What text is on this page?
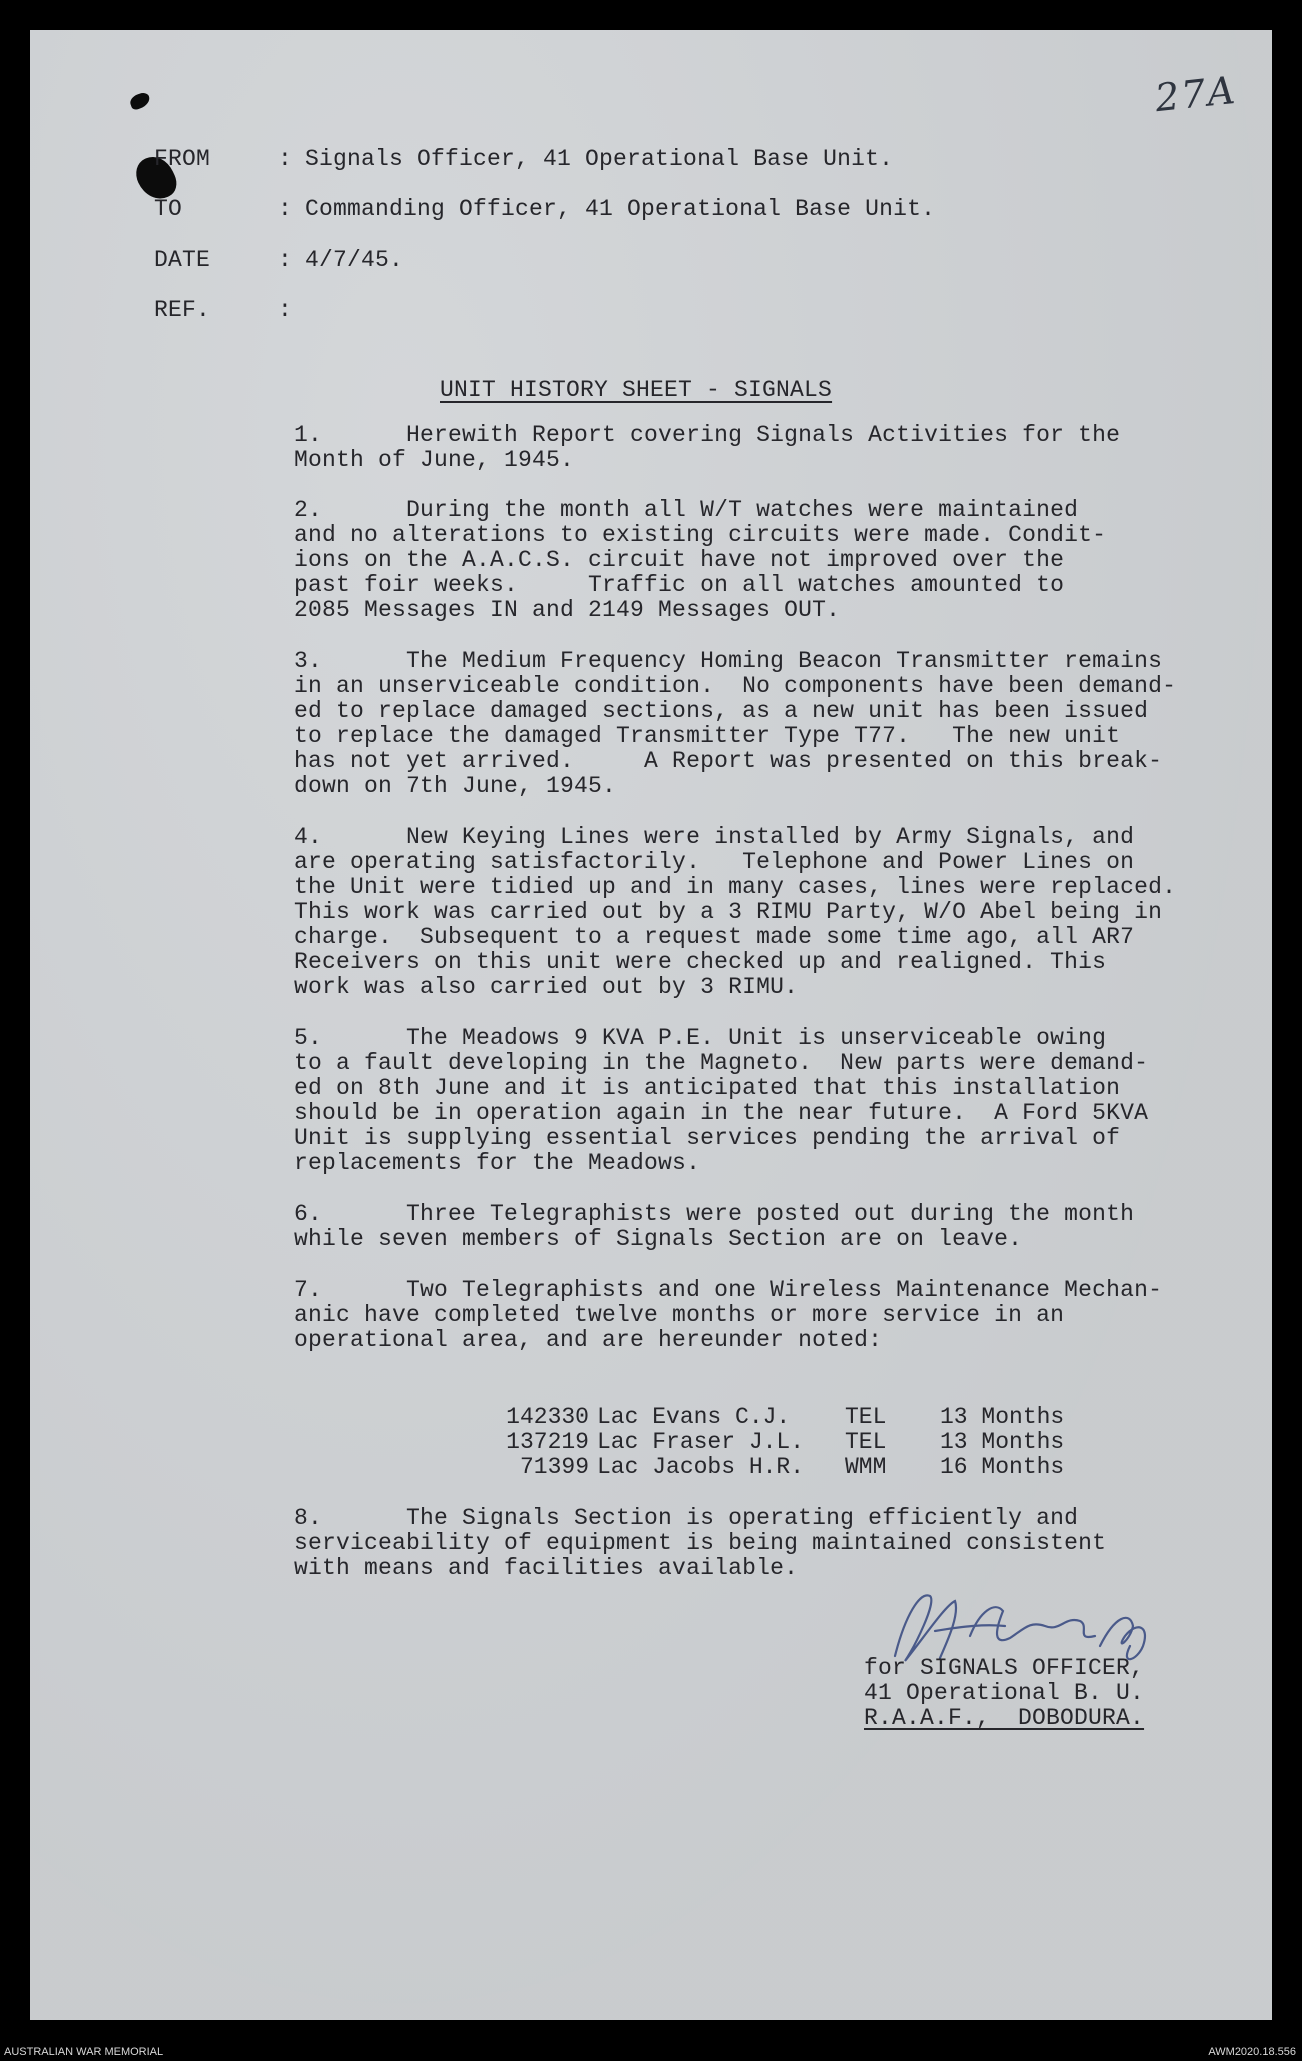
27A
FROM	: Signals Officer, 41 Operational Base Unit.
TO	: Commanding Officer, 41 Operational Base Unit.
DATE	: 4/7/45.
REF.	:
UNIT HISTORY SHEET - SIGNALS
1.      Herewith Report covering Signals Activities for the
Month of June, 1945.
2.      During the month all W/T watches were maintained
and no alterations to existing circuits were made. Condit-
ions on the A.A.C.S. circuit have not improved over the
past foir weeks.     Traffic on all watches amounted to
2085 Messages IN and 2149 Messages OUT.
3.      The Medium Frequency Homing Beacon Transmitter remains
in an unserviceable condition.  No components have been demand-
ed to replace damaged sections, as a new unit has been issued
to replace the damaged Transmitter Type T77.   The new unit
has not yet arrived.     A Report was presented on this break-
down on 7th June, 1945.
4.      New Keying Lines were installed by Army Signals, and
are operating satisfactorily.   Telephone and Power Lines on
the Unit were tidied up and in many cases, lines were replaced.
This work was carried out by a 3 RIMU Party, W/O Abel being in
charge.  Subsequent to a request made some time ago, all AR7
Receivers on this unit were checked up and realigned. This
work was also carried out by 3 RIMU.
5.      The Meadows 9 KVA P.E. Unit is unserviceable owing
to a fault developing in the Magneto.  New parts were demand-
ed on 8th June and it is anticipated that this installation
should be in operation again in the near future.  A Ford 5KVA
Unit is supplying essential services pending the arrival of
replacements for the Meadows.
6.      Three Telegraphists were posted out during the month
while seven members of Signals Section are on leave.
7.      Two Telegraphists and one Wireless Maintenance Mechan-
anic have completed twelve months or more service in an
operational area, and are hereunder noted:
142330		Lac Evans C.J.	TEL	13 Months
137219		Lac Fraser J.L.	TEL	13 Months
71399		Lac Jacobs H.R.	WMM	16 Months
8.      The Signals Section is operating efficiently and
serviceability of equipment is being maintained consistent
with means and facilities available.
for SIGNALS OFFICER,
41 Operational B. U.
R.A.A.F.,  DOBODURA.
AUSTRALIAN WAR MEMORIAL	AWM2020.18.556
